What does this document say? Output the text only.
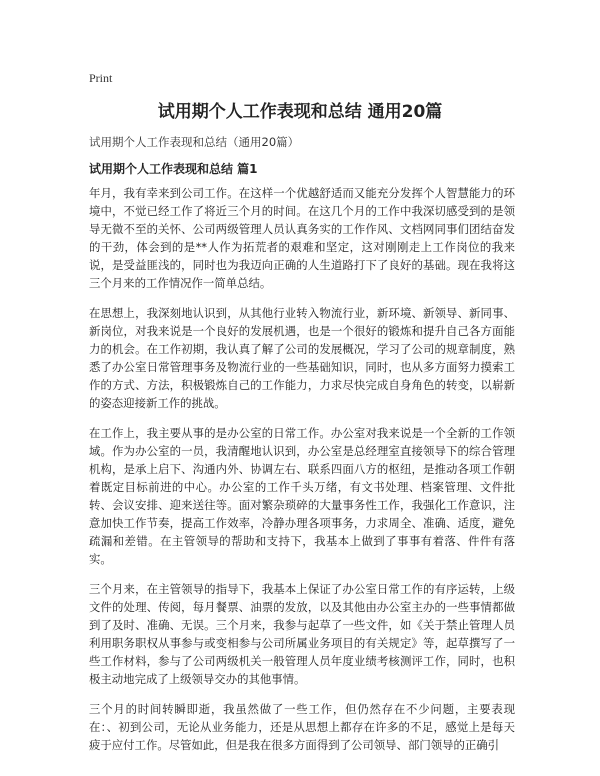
Print

试用期个人工作表现和总结 通用20篇

试用期个人工作表现和总结（通用20篇）

试用期个人工作表现和总结 篇1

年月，我有幸来到公司工作。在这样一个优越舒适而又能充分发挥个人智慧能力的环境中，不觉已经工作了将近三个月的时间。在这几个月的工作中我深切感受到的是领导无微不至的关怀、公司两级管理人员认真务实的工作作风、文档网同事们团结奋发的干劲，体会到的是**人作为拓荒者的艰难和坚定，这对刚刚走上工作岗位的我来说，是受益匪浅的，同时也为我迈向正确的人生道路打下了良好的基础。现在我将这三个月来的工作情况作一简单总结。

在思想上，我深刻地认识到，从其他行业转入物流行业，新环境、新领导、新同事、新岗位，对我来说是一个良好的发展机遇，也是一个很好的锻炼和提升自己各方面能力的机会。在工作初期，我认真了解了公司的发展概况，学习了公司的规章制度，熟悉了办公室日常管理事务及物流行业的一些基础知识，同时，也从多方面努力摸索工作的方式、方法，积极锻炼自己的工作能力，力求尽快完成自身角色的转变，以崭新的姿态迎接新工作的挑战。

在工作上，我主要从事的是办公室的日常工作。办公室对我来说是一个全新的工作领域。作为办公室的一员，我清醒地认识到，办公室是总经理室直接领导下的综合管理机构，是承上启下、沟通内外、协调左右、联系四面八方的枢纽，是推动各项工作朝着既定目标前进的中心。办公室的工作千头万绪，有文书处理、档案管理、文件批转、会议安排、迎来送往等。面对繁杂琐碎的大量事务性工作，我强化工作意识，注意加快工作节奏，提高工作效率，冷静办理各项事务，力求周全、准确、适度，避免疏漏和差错。在主管领导的帮助和支持下，我基本上做到了事事有着落、件件有落实。

三个月来，在主管领导的指导下，我基本上保证了办公室日常工作的有序运转，上级文件的处理、传阅，每月餐票、油票的发放，以及其他由办公室主办的一些事情都做到了及时、准确、无误。三个月来，我参与起草了一些文件，如《关于禁止管理人员利用职务职权从事参与或变相参与公司所属业务项目的有关规定》等，起草撰写了一些工作材料，参与了公司两级机关一般管理人员年度业绩考核测评工作，同时，也积极主动地完成了上级领导交办的其他事情。

三个月的时间转瞬即逝，我虽然做了一些工作，但仍然存在不少问题，主要表现在：、初到公司，无论从业务能力，还是从思想上都存在许多的不足，感觉上是每天疲于应付工作。尽管如此，但是我在很多方面得到了公司领导、部门领导的正确引
